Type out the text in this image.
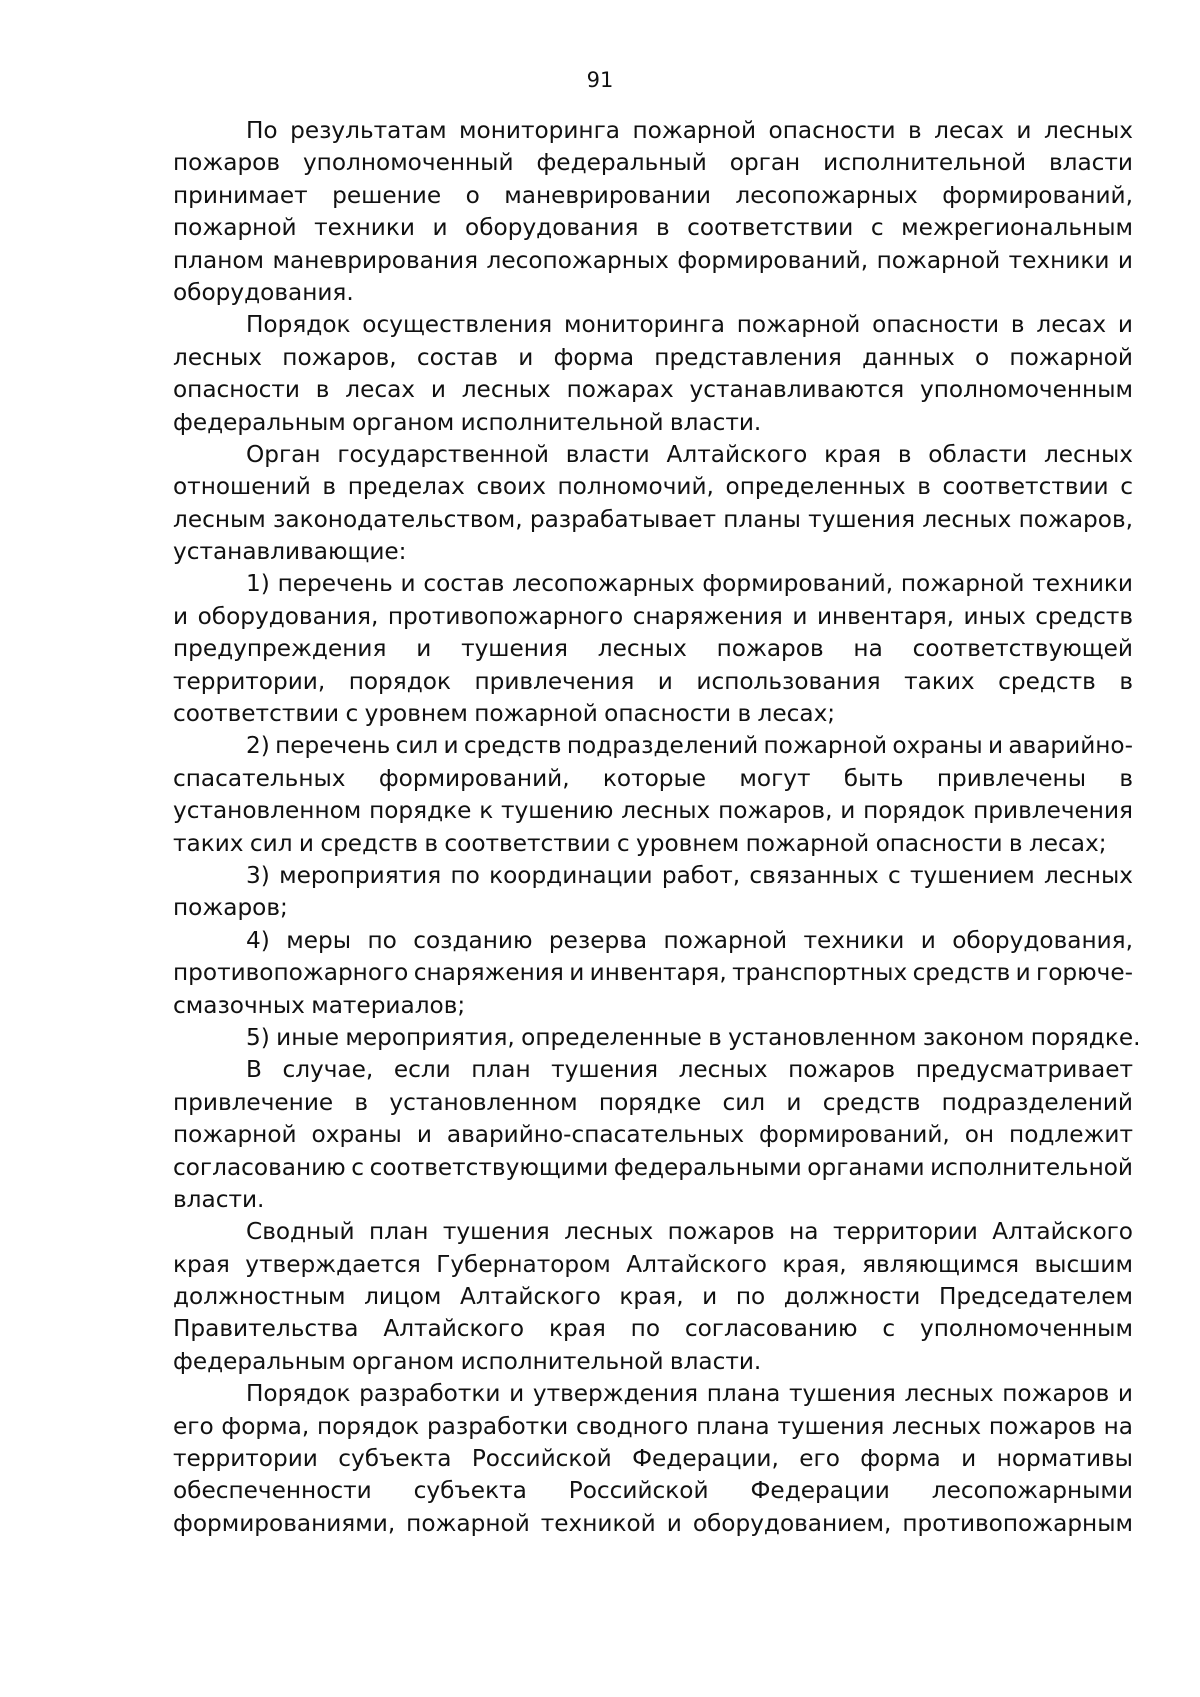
91
По результатам мониторинга пожарной опасности в лесах и лесных
пожаров уполномоченный федеральный орган исполнительной власти
принимает решение о маневрировании лесопожарных формирований,
пожарной техники и оборудования в соответствии с межрегиональным
планом маневрирования лесопожарных формирований, пожарной техники и
оборудования.
Порядок осуществления мониторинга пожарной опасности в лесах и
лесных пожаров, состав и форма представления данных о пожарной
опасности в лесах и лесных пожарах устанавливаются уполномоченным
федеральным органом исполнительной власти.
Орган государственной власти Алтайского края в области лесных
отношений в пределах своих полномочий, определенных в соответствии с
лесным законодательством, разрабатывает планы тушения лесных пожаров,
устанавливающие:
1) перечень и состав лесопожарных формирований, пожарной техники
и оборудования, противопожарного снаряжения и инвентаря, иных средств
предупреждения и тушения лесных пожаров на соответствующей
территории, порядок привлечения и использования таких средств в
соответствии с уровнем пожарной опасности в лесах;
2) перечень сил и средств подразделений пожарной охраны и аварийно-
спасательных формирований, которые могут быть привлечены в
установленном порядке к тушению лесных пожаров, и порядок привлечения
таких сил и средств в соответствии с уровнем пожарной опасности в лесах;
3) мероприятия по координации работ, связанных с тушением лесных
пожаров;
4) меры по созданию резерва пожарной техники и оборудования,
противопожарного снаряжения и инвентаря, транспортных средств и горюче-
смазочных материалов;
5) иные мероприятия, определенные в установленном законом порядке.
В случае, если план тушения лесных пожаров предусматривает
привлечение в установленном порядке сил и средств подразделений
пожарной охраны и аварийно-спасательных формирований, он подлежит
согласованию с соответствующими федеральными органами исполнительной
власти.
Сводный план тушения лесных пожаров на территории Алтайского
края утверждается Губернатором Алтайского края, являющимся высшим
должностным лицом Алтайского края, и по должности Председателем
Правительства Алтайского края по согласованию с уполномоченным
федеральным органом исполнительной власти.
Порядок разработки и утверждения плана тушения лесных пожаров и
его форма, порядок разработки сводного плана тушения лесных пожаров на
территории субъекта Российской Федерации, его форма и нормативы
обеспеченности субъекта Российской Федерации лесопожарными
формированиями, пожарной техникой и оборудованием, противопожарным
